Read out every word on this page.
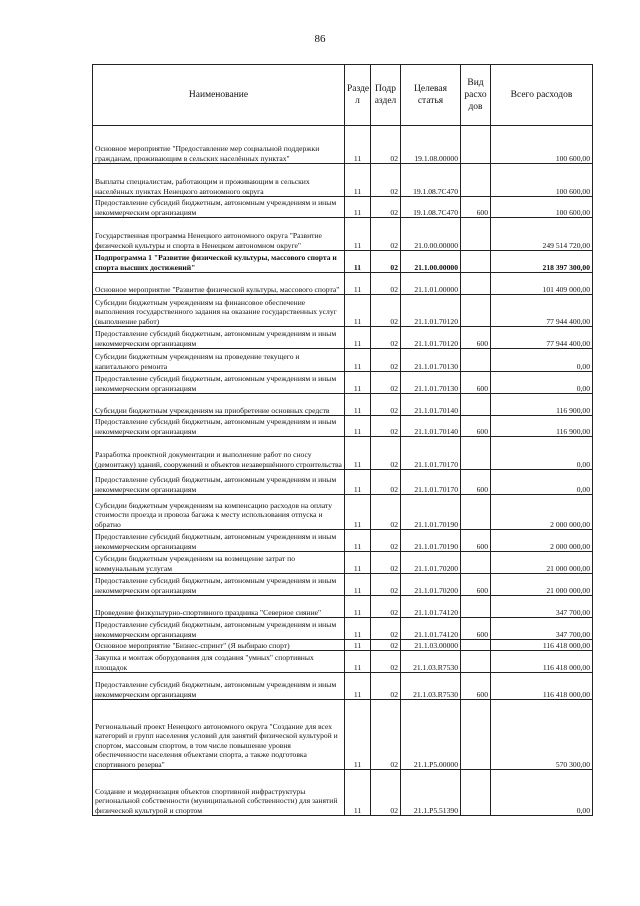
86
Наименование	Разде л	Подр аздел	Целевая статья	Вид расхо дов	Всего расходов
Основное мероприятие "Предоставление мер социальной поддержки гражданам, проживающим в сельских населённых пунктах"	11	02	19.1.08.00000		100 600,00
Выплаты специалистам, работающим и проживающим в сельских населённых пунктах Ненецкого автономного округа	11	02	19.1.08.7С470		100 600,00
Предоставление субсидий бюджетным, автономным учреждениям и иным некоммерческим организациям	11	02	19.1.08.7С470	600	100 600,00
Государственная программа Ненецкого автономного округа "Развитие физической культуры и спорта в Ненецком автономном округе"	11	02	21.0.00.00000		249 514 720,00
Подпрограмма 1 "Развитие физической культуры, массового спорта и спорта высших достижений"	11	02	21.1.00.00000		218 397 300,00
Основное мероприятие "Развитие физической культуры, массового спорта"	11	02	21.1.01.00000		101 409 000,00
Субсидии бюджетным учреждениям на финансовое обеспечение выполнения государственного задания на оказание государственных услуг (выполнение работ)	11	02	21.1.01.70120		77 944 400,00
Предоставление субсидий бюджетным, автономным учреждениям и иным некоммерческим организациям	11	02	21.1.01.70120	600	77 944 400,00
Субсидии бюджетным учреждениям на проведение текущего и капитального ремонта	11	02	21.1.01.70130		0,00
Предоставление субсидий бюджетным, автономным учреждениям и иным некоммерческим организациям	11	02	21.1.01.70130	600	0,00
Субсидии бюджетным учреждениям на приобретение основных средств	11	02	21.1.01.70140		116 900,00
Предоставление субсидий бюджетным, автономным учреждениям и иным некоммерческим организациям	11	02	21.1.01.70140	600	116 900,00
Разработка проектной документации и выполнение работ по сносу (демонтажу) зданий, сооружений и объектов незавершённого строительства	11	02	21.1.01.70170		0,00
Предоставление субсидий бюджетным, автономным учреждениям и иным некоммерческим организациям	11	02	21.1.01.70170	600	0,00
Субсидии бюджетным учреждениям на компенсацию расходов на оплату стоимости проезда и провоза багажа к месту использования отпуска и обратно	11	02	21.1.01.70190		2 000 000,00
Предоставление субсидий бюджетным, автономным учреждениям и иным некоммерческим организациям	11	02	21.1.01.70190	600	2 000 000,00
Субсидии бюджетным учреждениям на возмещение затрат по коммунальным услугам	11	02	21.1.01.70200		21 000 000,00
Предоставление субсидий бюджетным, автономным учреждениям и иным некоммерческим организациям	11	02	21.1.01.70200	600	21 000 000,00
Проведение физкультурно-спортивного праздника "Северное сияние"	11	02	21.1.01.74120		347 700,00
Предоставление субсидий бюджетным, автономным учреждениям и иным некоммерческим организациям	11	02	21.1.01.74120	600	347 700,00
Основное мероприятие "Бизнес-спринт" (Я выбираю спорт)	11	02	21.1.03.00000		116 418 000,00
Закупка и монтаж оборудования для создания "умных" спортивных площадок	11	02	21.1.03.R7530		116 418 000,00
Предоставление субсидий бюджетным, автономным учреждениям и иным некоммерческим организациям	11	02	21.1.03.R7530	600	116 418 000,00
Региональный проект Ненецкого автономного округа "Создание для всех категорий и групп населения условий для занятий физической культурой и спортом, массовым спортом, в том числе повышение уровня обеспеченности населения объектами спорта, а также подготовка спортивного резерва"	11	02	21.1.P5.00000		570 300,00
Создание и модернизация объектов спортивной инфраструктуры региональной собственности (муниципальной собственности) для занятий физической культурой и спортом	11	02	21.1.P5.51390		0,00
